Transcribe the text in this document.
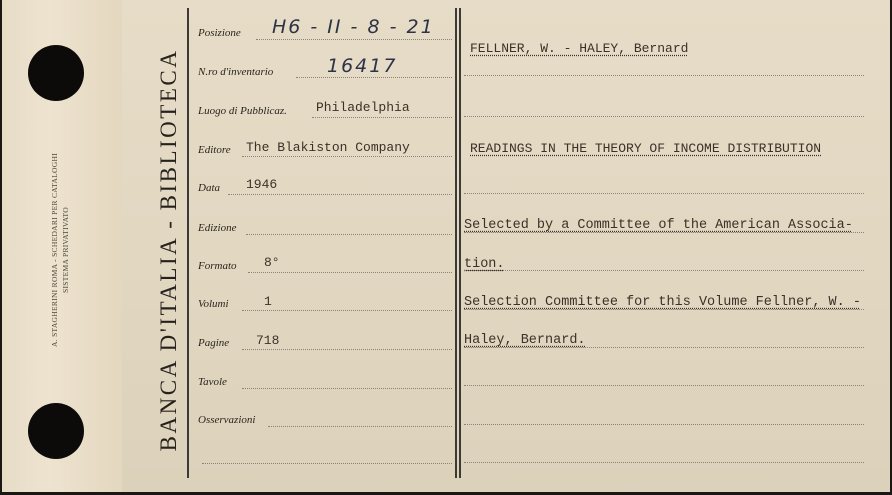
A. STAGHERINI ROMA - SCHEDARI PER CATALOGHI SISTEMA PRIVATIVATO	BANCA D'ITALIA - BIBLIOTECA
Posizione H6 - II - 8 - 21
N.ro d'inventario	16417
Luogo di Pubblicaz. Philadelphia
Editore The Blakiston Company
Data 1946
Edizione
Formato 8°
Volumi	1
Pagine 718
Tavole
Osservazioni
FELLNER, W. - HALEY, Bernard
READINGS IN THE THEORY OF INCOME DISTRIBUTION
Selected by a Committee of the American Associa-
tion.
Selection Committee for this Volume Fellner, W. -
Haley, Bernard.
